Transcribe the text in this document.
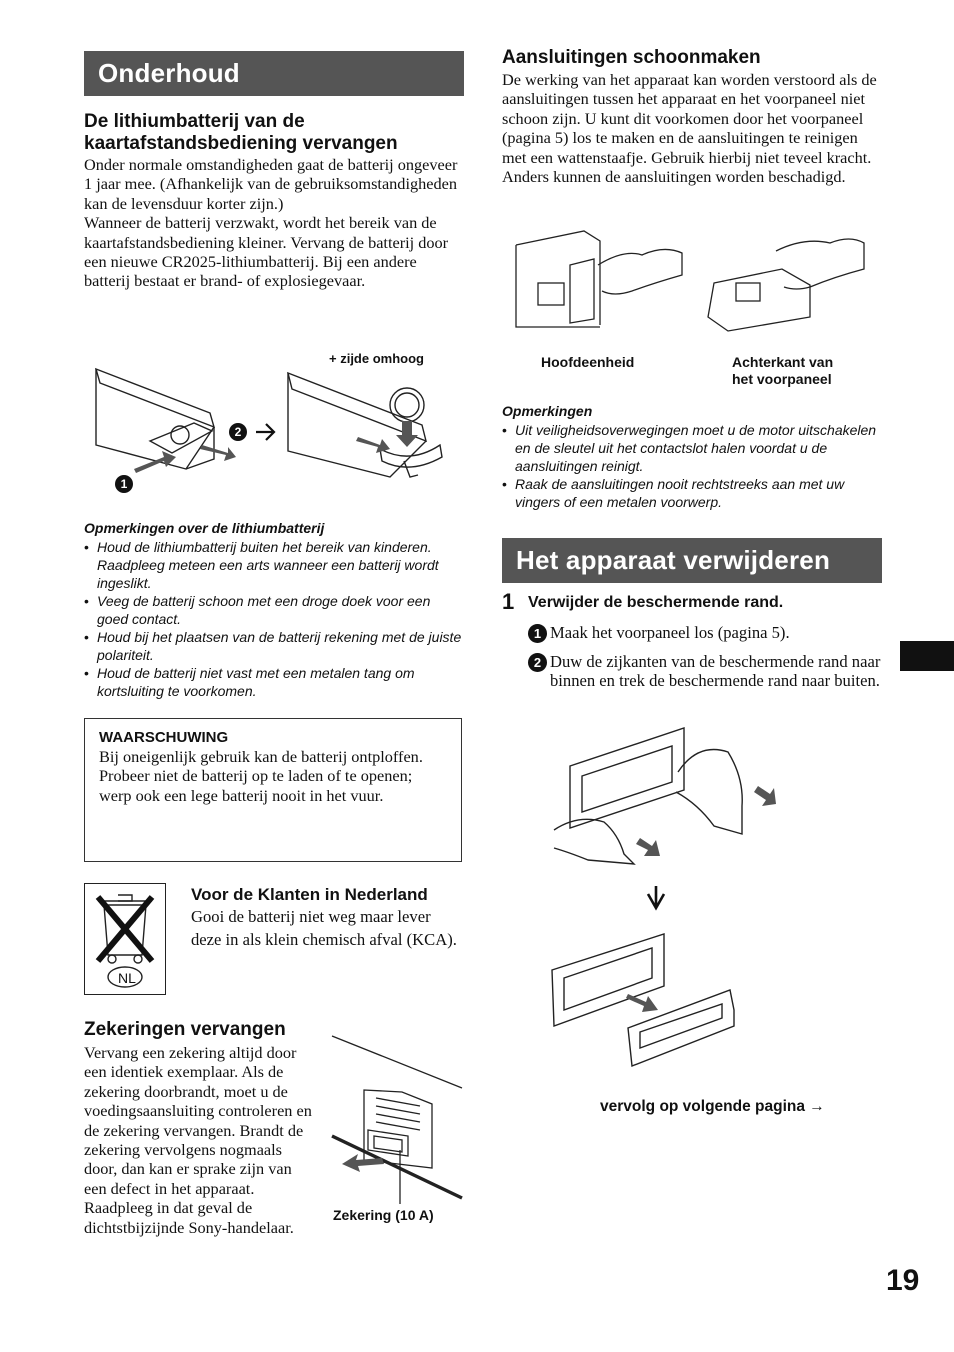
Onderhoud
De lithiumbatterij van de kaartafstandsbediening vervangen

Onder normale omstandigheden gaat de batterij ongeveer 1 jaar mee. (Afhankelijk van de gebruiksomstandigheden kan de levensduur korter zijn.)

Wanneer de batterij verzwakt, wordt het bereik van de kaartafstandsbediening kleiner. Vervang de batterij door een nieuwe CR2025-lithiumbatterij. Bij een andere batterij bestaat er brand- of explosiegevaar.

+ zijde omhoog
2
1

Opmerkingen over de lithiumbatterij

• Houd de lithiumbatterij buiten het bereik van kinderen. Raadpleeg meteen een arts wanneer een batterij wordt ingeslikt.
• Veeg de batterij schoon met een droge doek voor een goed contact.
• Houd bij het plaatsen van de batterij rekening met de juiste polariteit.
• Houd de batterij niet vast met een metalen tang om kortsluiting te voorkomen.
WAARSCHUWING

Bij oneigenlijk gebruik kan de batterij ontploffen.

Probeer niet de batterij op te laden of te openen; werp ook een lege batterij nooit in het vuur.

NL
Voor de Klanten in Nederland

Gooi de batterij niet weg maar lever deze in als klein chemisch afval (KCA).

Zekeringen vervangen

Vervang een zekering altijd door een identiek exemplaar. Als de zekering doorbrandt, moet u de voedingsaansluiting controleren en de zekering vervangen. Brandt de zekering vervolgens nogmaals door, dan kan er sprake zijn van een defect in het apparaat. Raadpleeg in dat geval de dichtstbijzijnde Sony-handelaar.

Zekering (10 A)
Aansluitingen schoonmaken

De werking van het apparaat kan worden verstoord als de aansluitingen tussen het apparaat en het voorpaneel niet schoon zijn. U kunt dit voorkomen door het voorpaneel (pagina 5) los te maken en de aansluitingen te reinigen met een wattenstaafje. Gebruik hierbij niet teveel kracht. Anders kunnen de aansluitingen worden beschadigd.

Hoofdeenheid	Achterkant van
het voorpaneel

Opmerkingen

• Uit veiligheidsoverwegingen moet u de motor uitschakelen en de sleutel uit het contactslot halen voordat u de aansluitingen reinigt.
• Raak de aansluitingen nooit rechtstreeks aan met uw vingers of een metalen voorwerp.
Het apparaat verwijderen
1 Verwijder de beschermende rand.
1 Maak het voorpaneel los (pagina 5).

2 Duw de zijkanten van de beschermende rand naar binnen en trek de beschermende rand naar buiten.

vervolg op volgende pagina →
19
